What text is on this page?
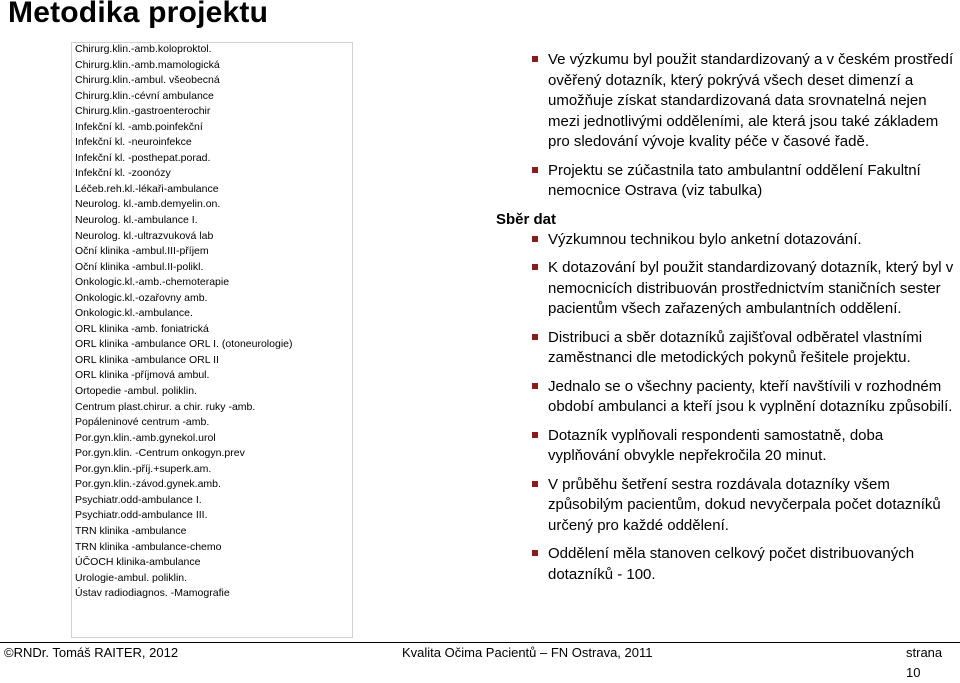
Metodika projektu
Chirurg.klin.-amb.koloproktol.
Chirurg.klin.-amb.mamologická
Chirurg.klin.-ambul. všeobecná
Chirurg.klin.-cévní ambulance
Chirurg.klin.-gastroenterochir
Infekční kl. -amb.poinfekční
Infekční kl. -neuroinfekce
Infekční kl. -posthepat.porad.
Infekční kl. -zoonózy
Léčeb.reh.kl.-lékaři-ambulance
Neurolog. kl.-amb.demyelin.on.
Neurolog. kl.-ambulance I.
Neurolog. kl.-ultrazvuková lab
Oční klinika -ambul.III-příjem
Oční klinika -ambul.II-polikl.
Onkologic.kl.-amb.-chemoterapie
Onkologic.kl.-ozařovny amb.
Onkologic.kl.-ambulance.
ORL klinika -amb. foniatrická
ORL klinika -ambulance ORL I. (otoneurologie)
ORL klinika -ambulance ORL II
ORL klinika -příjmová ambul.
Ortopedie -ambul. poliklin.
Centrum plast.chirur. a chir. ruky -amb.
Popáleninové centrum -amb.
Por.gyn.klin.-amb.gynekol.urol
Por.gyn.klin. -Centrum onkogyn.prev
Por.gyn.klin.-příj.+superk.am.
Por.gyn.klin.-závod.gynek.amb.
Psychiatr.odd-ambulance I.
Psychiatr.odd-ambulance III.
TRN klinika -ambulance
TRN klinika -ambulance-chemo
ÚČOCH klinika-ambulance
Urologie-ambul. poliklin.
Ústav radiodiagnos. -Mamografie
Ve výzkumu byl použit standardizovaný a v českém prostředí ověřený dotazník, který pokrývá všech deset dimenzí a umožňuje získat standardizovaná data srovnatelná nejen mezi jednotlivými odděleními, ale která jsou také základem pro sledování vývoje kvality péče v časové řadě.
Projektu se zúčastnila tato ambulantní oddělení Fakultní nemocnice Ostrava (viz tabulka)
Sběr dat
Výzkumnou technikou bylo anketní dotazování.
K dotazování byl použit standardizovaný dotazník, který byl v nemocnicích distribuován prostřednictvím staničních sester pacientům všech zařazených ambulantních oddělení.
Distribuci a sběr dotazníků zajišťoval odběratel vlastními zaměstnanci dle metodických pokynů řešitele projektu.
Jednalo se o všechny pacienty, kteří navštívili v rozhodném období ambulanci a kteří jsou k vyplnění dotazníku způsobilí.
Dotazník vyplňovali respondenti samostatně, doba vyplňování obvykle nepřekročila 20 minut.
V průběhu šetření sestra rozdávala dotazníky všem způsobilým pacientům, dokud nevyčerpala počet dotazníků určený pro každé oddělení.
Oddělení měla stanoven celkový počet distribuovaných dotazníků - 100.
©RNDr. Tomáš RAITER, 2012	Kvalita Očima Pacientů – FN Ostrava, 2011	strana 10
